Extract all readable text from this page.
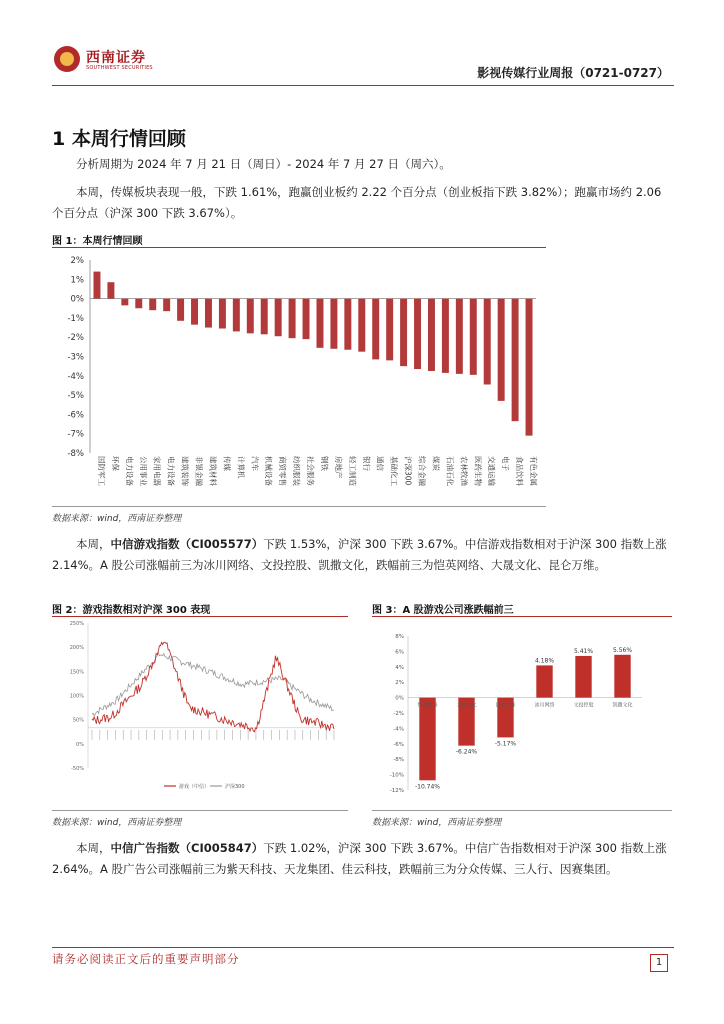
西南证券
SOUTHWEST SECURITIES	影视传媒行业周报（0721-0727）
1 本周行情回顾
分析周期为 2024 年 7 月 21 日（周日）- 2024 年 7 月 27 日（周六）。
本周，传媒板块表现一般，下跌 1.61%，跑赢创业板约 2.22 个百分点（创业板指下跌 3.82%）；跑赢市场约 2.06 个百分点（沪深 300 下跌 3.67%）。
图 1：本周行情回顾
2%
1%
0%
-1%
-2%
-3%
-4%
-5%
-6%
-7%
-8%
国防军工 环保 电力设备 公用事业 家用电器 电力设备 建筑装饰 非银金融 建筑材料 传媒 计算机 汽车 机械设备 商贸零售 纺织服装 社会服务 钢铁 房地产 轻工制造 银行 通信 基础化工 沪深300 综合金融 煤炭 石油石化 农林牧渔 医药生物 交通运输 电子 食品饮料 有色金属
数据来源：wind，西南证券整理
本周，中信游戏指数（CI005577）下跌 1.53%，沪深 300 下跌 3.67%。中信游戏指数相对于沪深 300 指数上涨 2.14%。A 股公司涨幅前三为冰川网络、文投控股、凯撒文化，跌幅前三为恺英网络、大晟文化、昆仑万维。
图 2：游戏指数相对沪深 300 表现
250%
200%
150%
100%
50%
0%
-50%
游戏（中信）	沪深300
数据来源：wind，西南证券整理
图 3：A 股游戏公司涨跌幅前三
8%
6%
4%
2%
0%
-2%
-4%
-6%
-8%
-10%
-12%
-10.74%
恺英网络
-6.24%
大晟文化
-5.17%
昆仑万维
4.18%
冰川网络
5.41%
文投控股
5.56%
凯撒文化
数据来源：wind，西南证券整理
本周，中信广告指数（CI005847）下跌 1.02%，沪深 300 下跌 3.67%。中信广告指数相对于沪深 300 指数上涨 2.64%。A 股广告公司涨幅前三为紫天科技、天龙集团、佳云科技，跌幅前三为分众传媒、三人行、因赛集团。
请务必阅读正文后的重要声明部分	1
